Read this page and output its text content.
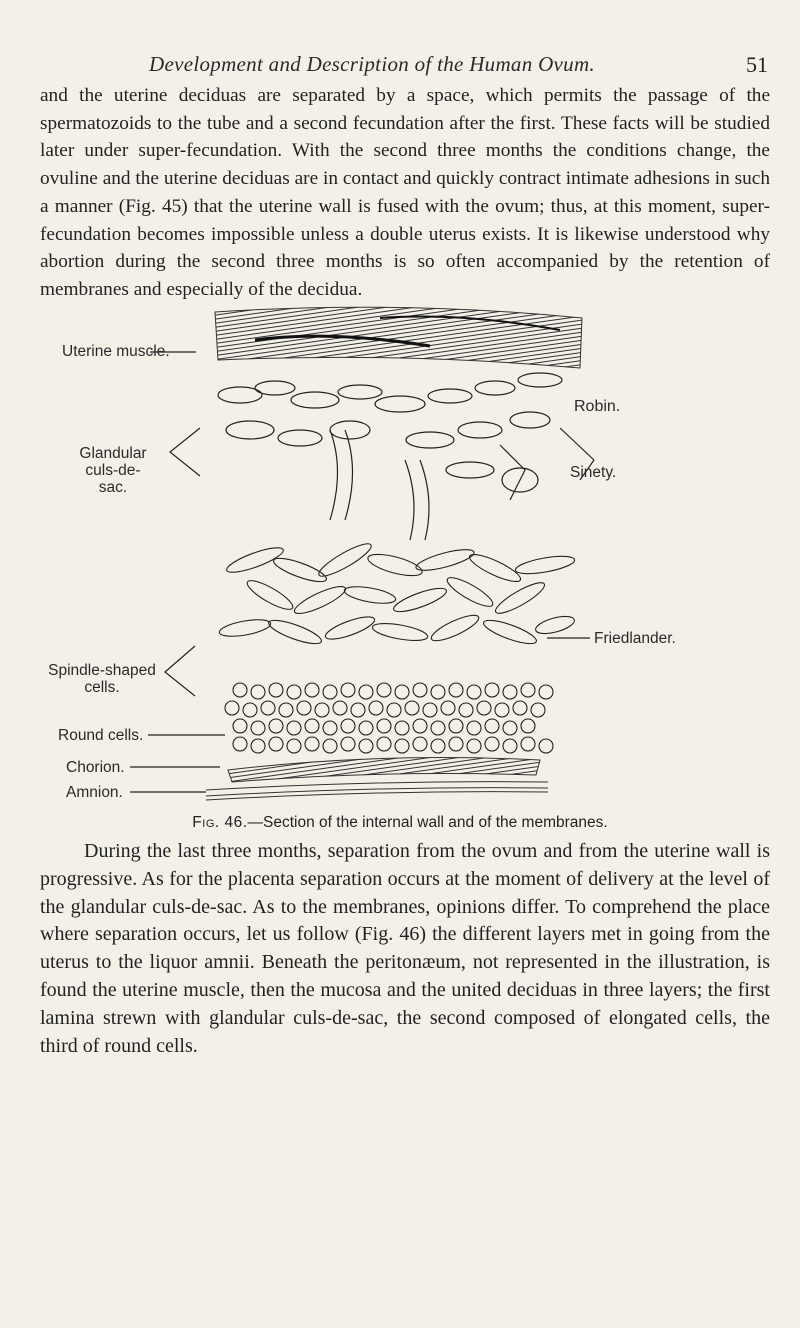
Development and Description of the Human Ovum.	51

and the uterine deciduas are separated by a space, which permits the passage of the spermatozoids to the tube and a second fecundation after the first. These facts will be studied later under super-fecundation. With the second three months the conditions change, the ovuline and the uterine deciduas are in contact and quickly contract intimate adhesions in such a manner (Fig. 45) that the uterine wall is fused with the ovum; thus, at this moment, super-fecundation becomes impossible unless a double uterus exists. It is likewise understood why abortion during the second three months is so often accompanied by the retention of membranes and especially of the decidua.

Uterine muscle.
Robin.
Glandular
culs-de-sac.
Sinety.
Friedlander.
Spindle-shaped
cells.
Round cells.
Chorion.
Amnion.
Fig. 46.—Section of the internal wall and of the membranes.

During the last three months, separation from the ovum and from the uterine wall is progressive. As for the placenta separation occurs at the moment of delivery at the level of the glandular culs-de-sac. As to the membranes, opinions differ. To comprehend the place where separation occurs, let us follow (Fig. 46) the different layers met in going from the uterus to the liquor amnii. Beneath the peritonæum, not represented in the illustration, is found the uterine muscle, then the mucosa and the united deciduas in three layers; the first lamina strewn with glandular culs-de-sac, the second composed of elongated cells, the third of round cells.
